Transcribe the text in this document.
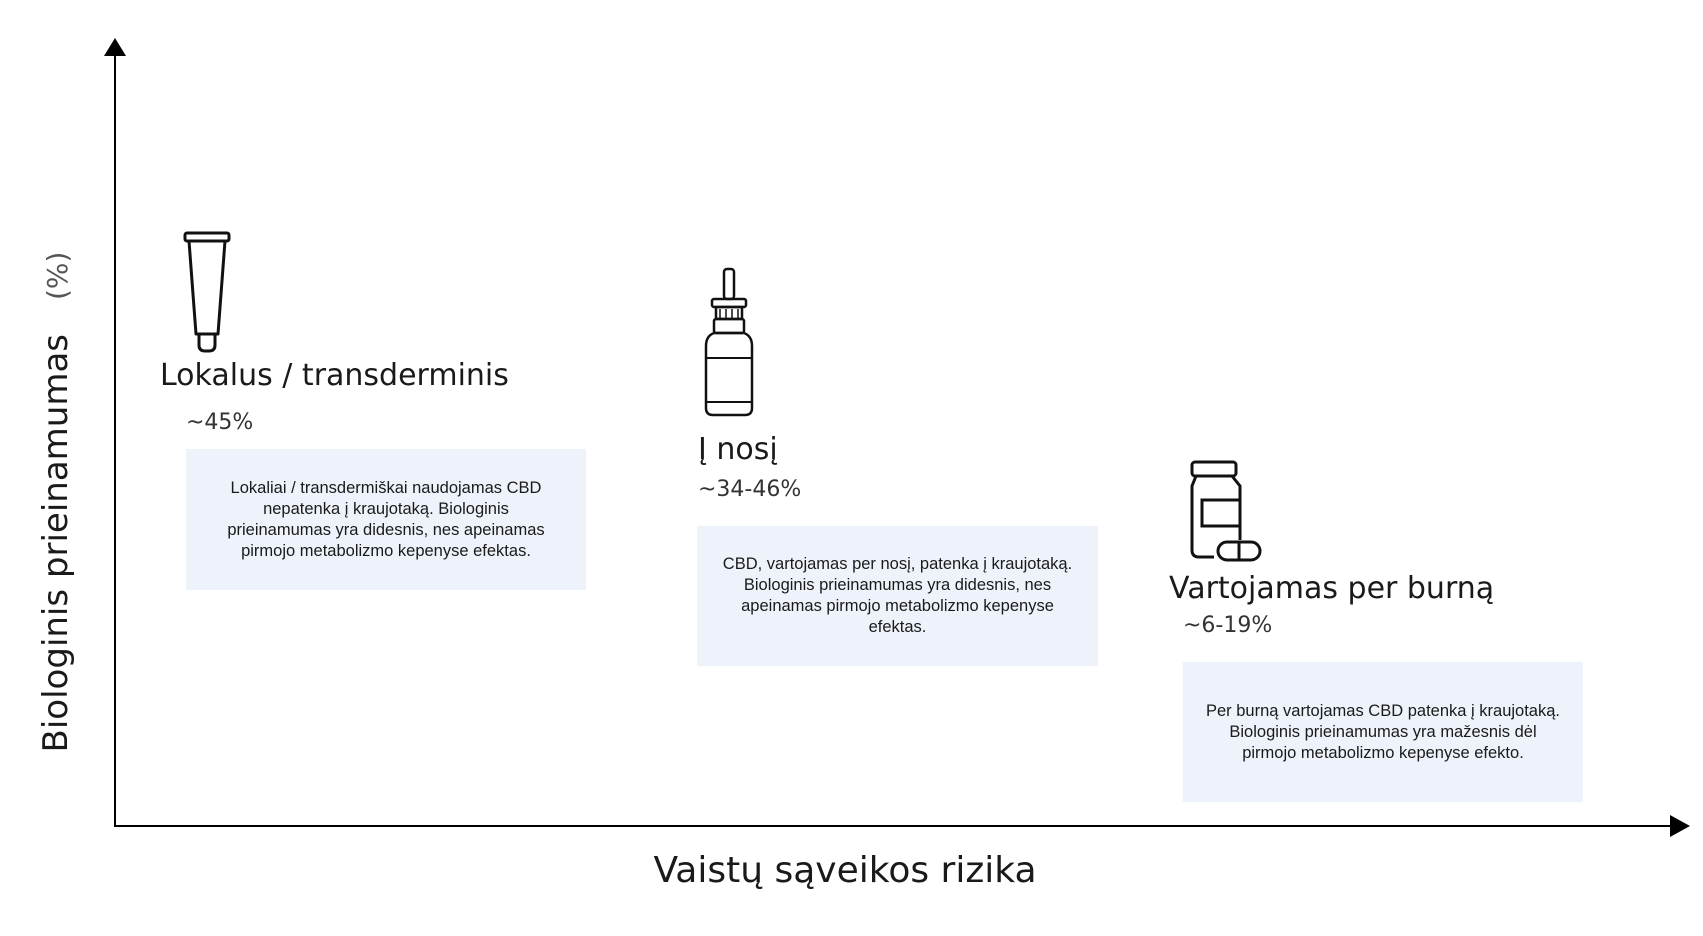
Biologinis prieinamumas(%)
Vaistų sąveikos rizika
Lokalus / transderminis
~45%
Lokaliai / transdermiškai naudojamas CBD nepatenka į kraujotaką. Biologinis prieinamumas yra didesnis, nes apeinamas pirmojo metabolizmo kepenyse efektas.
Į nosį
~34-46%
CBD, vartojamas per nosį, patenka į kraujotaką. Biologinis prieinamumas yra didesnis, nes apeinamas pirmojo metabolizmo kepenyse efektas.
Vartojamas per burną
~6-19%
Per burną vartojamas CBD patenka į kraujotaką. Biologinis prieinamumas yra mažesnis dėl pirmojo metabolizmo kepenyse efekto.
